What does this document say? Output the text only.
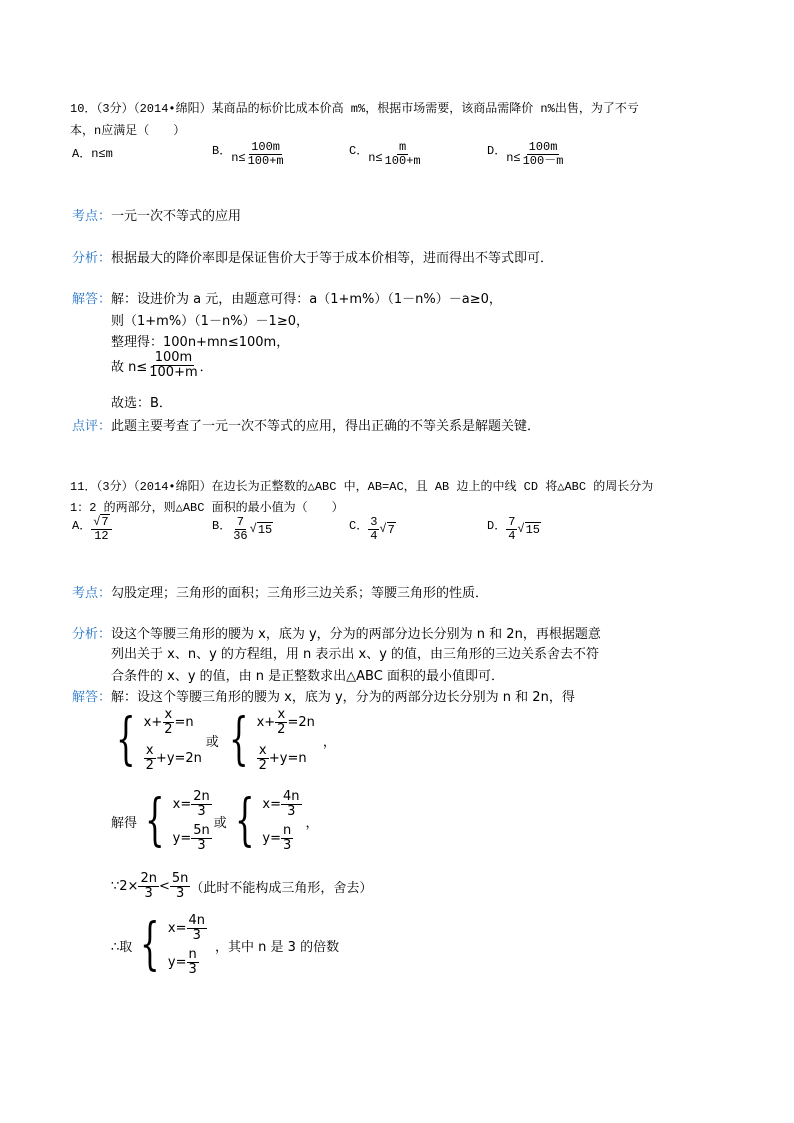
10．（3分）（2014•绵阳）某商品的标价比成本价高 m%，根据市场需要，该商品需降价 n%出售，为了不亏
本，n应满足（　　）
A．n≤m	B．
$n\le \frac{100m}{100+m}$	C．
$n\le \frac{m}{100+m}$	D．
$n\le \frac{100m}{100-m}$
考点：一元一次不等式的应用
分析：根据最大的降价率即是保证售价大于等于成本价相等，进而得出不等式即可．
解答：解：设进价为 a 元，由题意可得：a（1+m%）（1－n%）－a≥0，
则（1+m%）（1－n%）－1≥0，
整理得：100n+mn≤100m，
故 $n\le \frac{100m}{100+m}$ ．
故选：B．
点评：此题主要考查了一元一次不等式的应用，得出正确的不等关系是解题关键．
11．（3分）（2014•绵阳）在边长为正整数的△ABC 中，AB=AC，且 AB 边上的中线 CD 将△ABC 的周长分为
1：2 的两部分，则△ABC 面积的最小值为（　　）
A． $\frac{√7}{12}$	B． $\frac{7}{36}$ √ 15	C． $\frac{3}{4}$ √ 7	D． $\frac{7}{4}$ √ 15
考点：勾股定理；三角形的面积；三角形三边关系；等腰三角形的性质．
分析：设这个等腰三角形的腰为 x，底为 y，分为的两部分边长分别为 n 和 2n，再根据题意
列出关于 x、n、y 的方程组，用 n 表示出 x、y 的值，由三角形的三边关系舍去不符
合条件的 x、y 的值，由 n 是正整数求出△ABC 面积的最小值即可．
解答：解：设这个等腰三角形的腰为 x，底为 y，分为的两部分边长分别为 n 和 2n，得
{ $x+ \frac{x}{2} =n$
$\frac{x}{2} +y=2n$
或 { $x+ \frac{x}{2} =2n$
$\frac{x}{2} +y=n$
，
解得 { $x= \frac{2n}{3}$
$y= \frac{5n}{3}$
或 { $x= \frac{4n}{3}$
$y= \frac{n}{3}$
，
∵2× $\frac{2n}{3} < \frac{5n}{3}$ （此时不能构成三角形，舍去）
∴取 { $x= \frac{4n}{3}$
$y= \frac{n}{3}$
，其中 n 是 3 的倍数
